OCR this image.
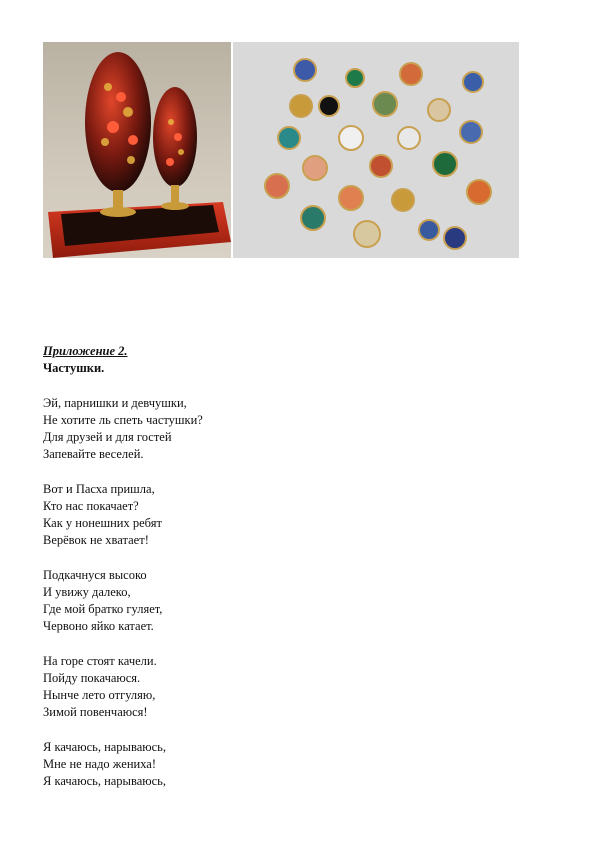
Приложение 2.
Частушки.
Эй, парнишки и девчушки,
Не хотите ль спеть частушки?
Для друзей и для гостей
Запевайте веселей.
Вот и Пасха пришла,
Кто нас покачает?
Как у нонешних ребят
Верёвок не хватает!
Подкачнуся высоко
И увижу далеко,
Где мой братко гуляет,
Червоно яйко катает.
На горе стоят качели.
Пойду покачаюся.
Нынче лето отгуляю,
Зимой повенчаюся!
Я качаюсь, нарываюсь,
Мне не надо жениха!
Я качаюсь, нарываюсь,
